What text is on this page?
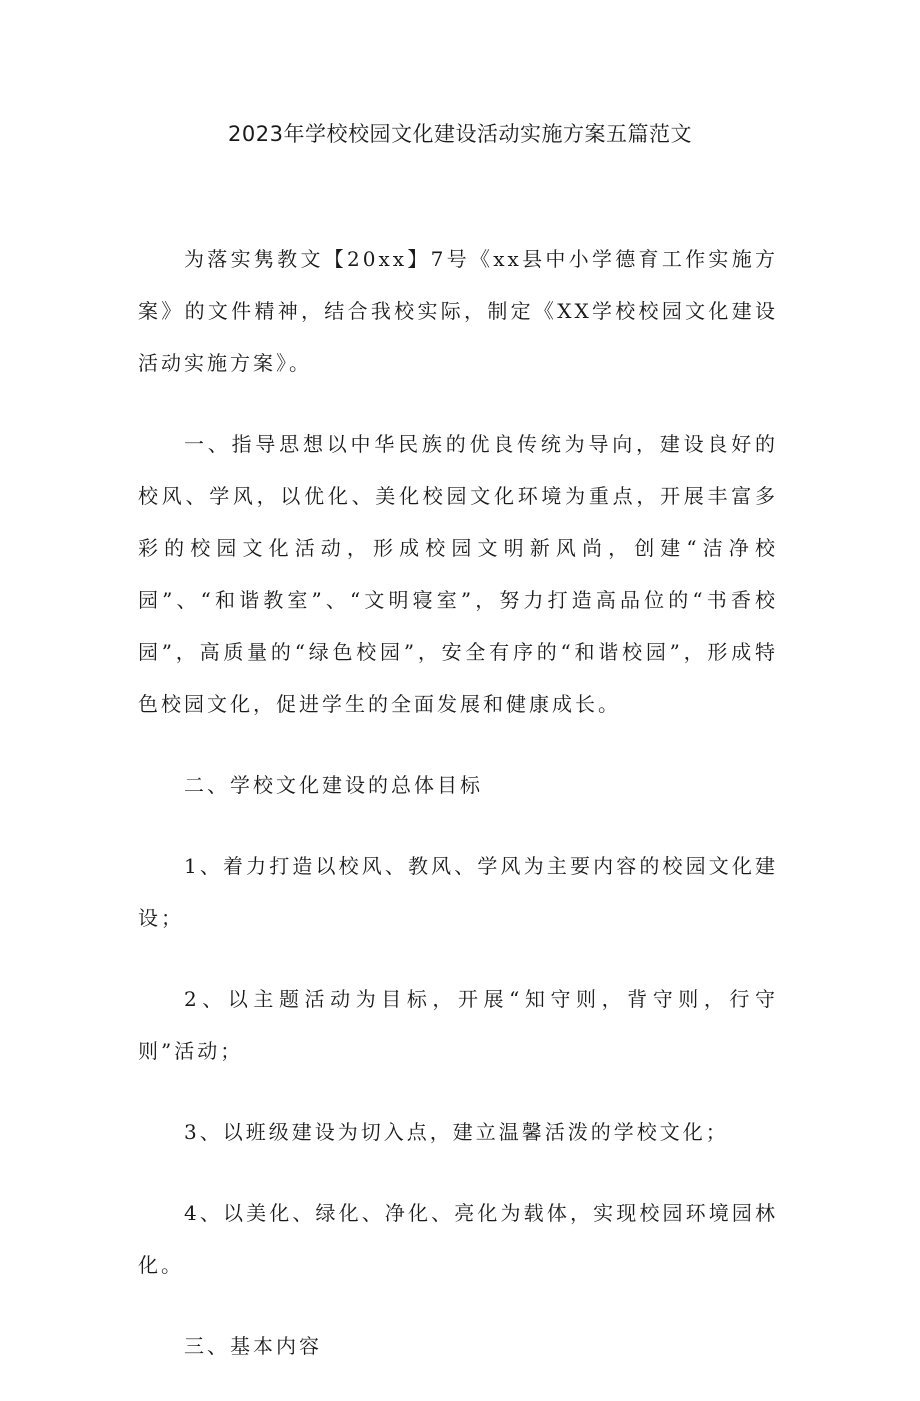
2023年学校校园文化建设活动实施方案五篇范文

为落实隽教文【20xx】7号《xx县中小学德育工作实施方案》的文件精神，结合我校实际，制定《XX学校校园文化建设活动实施方案》。

一、指导思想以中华民族的优良传统为导向，建设良好的校风、学风，以优化、美化校园文化环境为重点，开展丰富多彩的校园文化活动，形成校园文明新风尚，创建“洁净校园”、“和谐教室”、“文明寝室”，努力打造高品位的“书香校园”，高质量的“绿色校园”，安全有序的“和谐校园”，形成特色校园文化，促进学生的全面发展和健康成长。

二、学校文化建设的总体目标

1、着力打造以校风、教风、学风为主要内容的校园文化建设；

2、以主题活动为目标，开展“知守则，背守则，行守则”活动；

3、以班级建设为切入点，建立温馨活泼的学校文化；

4、以美化、绿化、净化、亮化为载体，实现校园环境园林化。

三、基本内容
